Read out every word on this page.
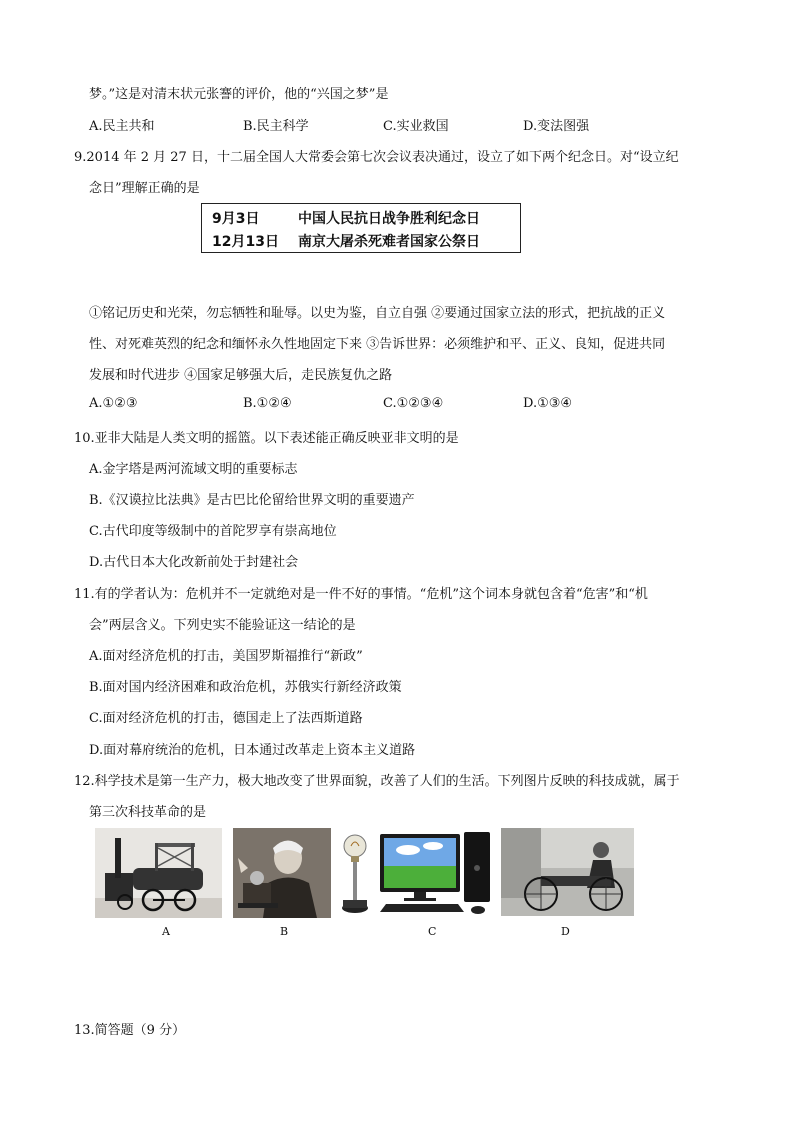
梦。”这是对清末状元张謇的评价，他的“兴国之梦”是
A.民主共和	B.民主科学	C.实业救国	D.变法图强
9.2014 年 2 月 27 日，十二届全国人大常委会第七次会议表决通过，设立了如下两个纪念日。对“设立纪
念日”理解正确的是
9月3日	中国人民抗日战争胜利纪念日
12月13日 南京大屠杀死难者国家公祭日
①铭记历史和光荣，勿忘牺牲和耻辱。以史为鉴，自立自强 ②要通过国家立法的形式，把抗战的正义
性、对死难英烈的纪念和缅怀永久性地固定下来 ③告诉世界：必须维护和平、正义、良知，促进共同
发展和时代进步 ④国家足够强大后，走民族复仇之路
A.①②③	B.①②④	C.①②③④	D.①③④
10.亚非大陆是人类文明的摇篮。以下表述能正确反映亚非文明的是
A.金字塔是两河流域文明的重要标志
B.《汉谟拉比法典》是古巴比伦留给世界文明的重要遗产
C.古代印度等级制中的首陀罗享有崇高地位
D.古代日本大化改新前处于封建社会
11.有的学者认为：危机并不一定就绝对是一件不好的事情。“危机”这个词本身就包含着“危害”和“机
会”两层含义。下列史实不能验证这一结论的是
A.面对经济危机的打击，美国罗斯福推行“新政”
B.面对国内经济困难和政治危机，苏俄实行新经济政策
C.面对经济危机的打击，德国走上了法西斯道路
D.面对幕府统治的危机，日本通过改革走上资本主义道路
12.科学技术是第一生产力，极大地改变了世界面貌，改善了人们的生活。下列图片反映的科技成就，属于
第三次科技革命的是
A	B	C	D
13.简答题（9 分）
